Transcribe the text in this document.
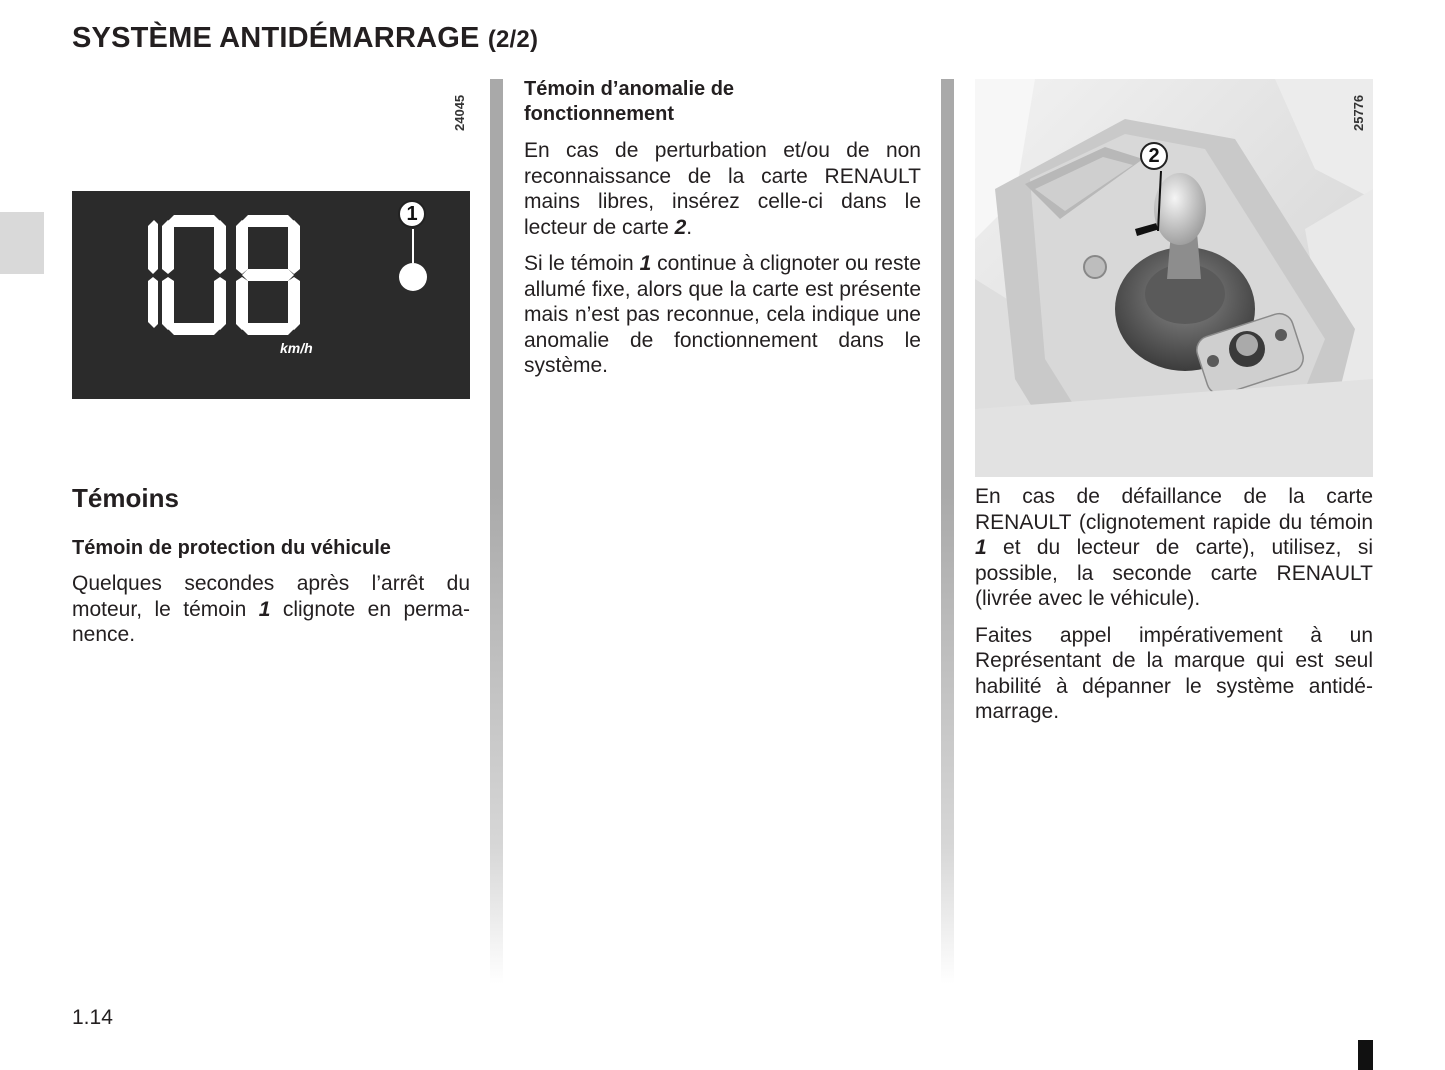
SYSTÈME ANTIDÉMARRAGE (2/2)
24045
km/h
1
Témoins
Témoin de protection du véhicule

Quelques secondes après l’arrêt du moteur, le témoin 1 clignote en permanence.

Témoin d’anomalie de fonctionnement

En cas de perturbation et/ou de non reconnaissance de la carte RENAULT mains libres, insérez celle-ci dans le lecteur de carte 2.

Si le témoin 1 continue à clignoter ou reste allumé fixe, alors que la carte est présente mais n’est pas reconnue, cela indique une anomalie de fonctionnement dans le système.

2
25776

En cas de défaillance de la carte RENAULT (clignotement rapide du témoin 1 et du lecteur de carte), utilisez, si possible, la seconde carte RENAULT (livrée avec le véhicule).

Faites appel impérativement à un Représentant de la marque qui est seul habilité à dépanner le système antidémarrage.

1.14
